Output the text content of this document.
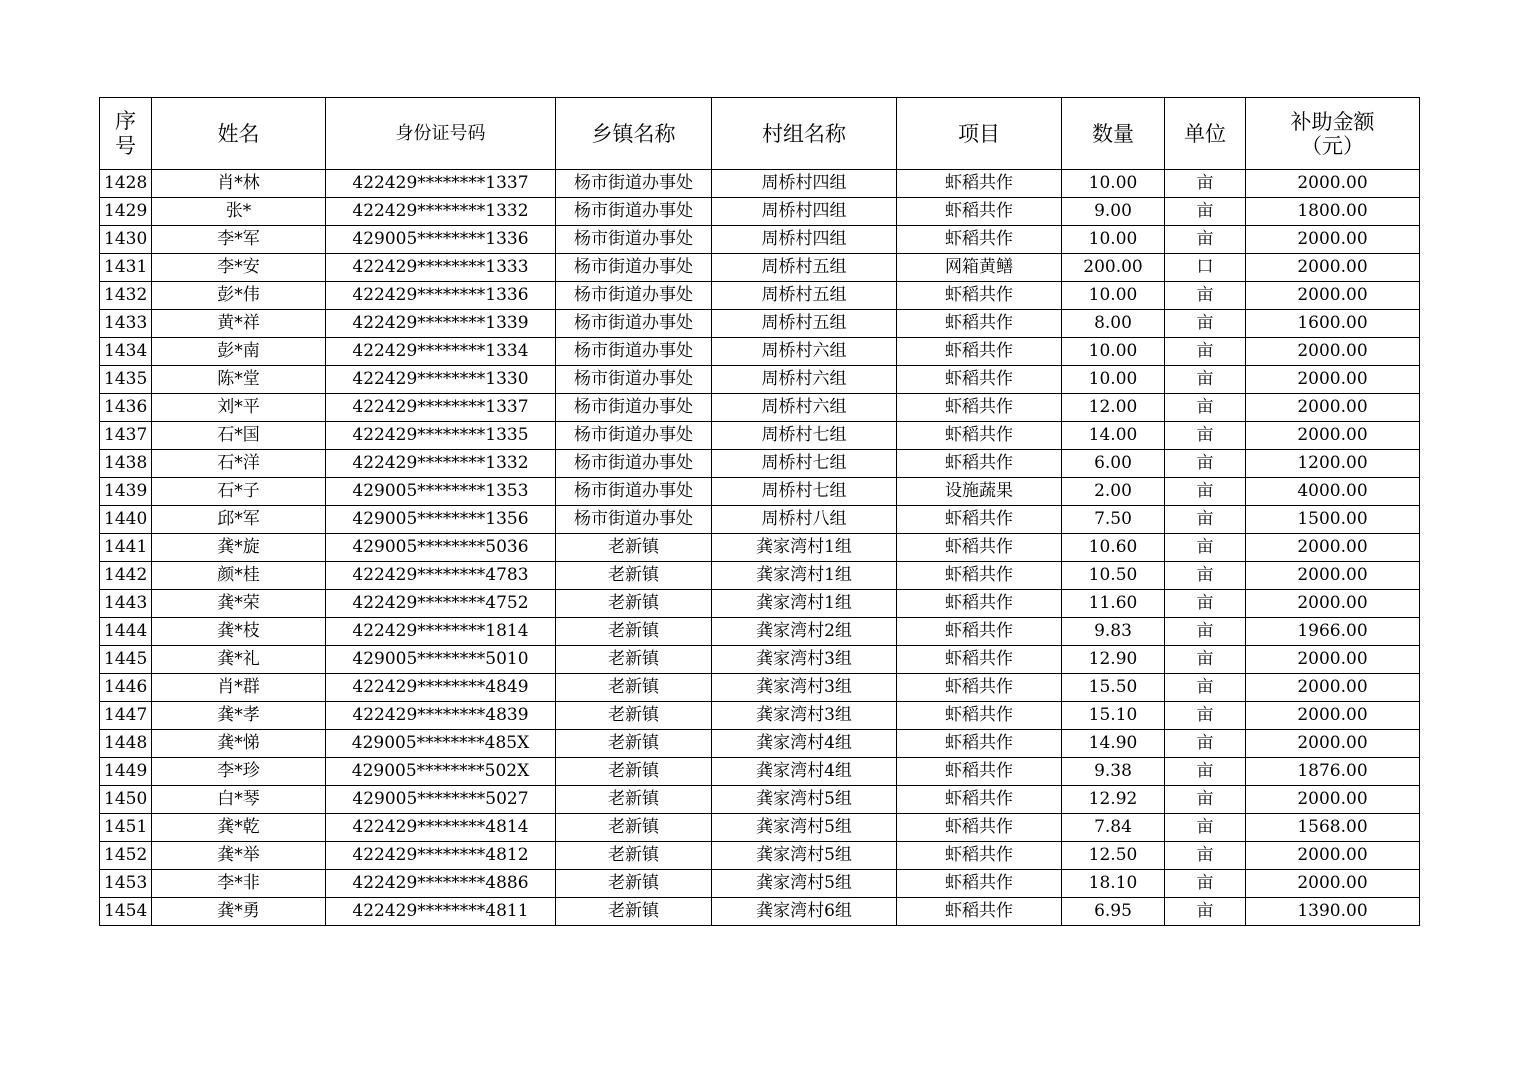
序
号	姓名	身份证号码	乡镇名称	村组名称	项目	数量	单位	补助金额
（元）

1428	肖*林	422429********1337	杨市街道办事处	周桥村四组	虾稻共作	10.00	亩	2000.00
1429	张*	422429********1332	杨市街道办事处	周桥村四组	虾稻共作	9.00	亩	1800.00
1430	李*军	429005********1336	杨市街道办事处	周桥村四组	虾稻共作	10.00	亩	2000.00
1431	李*安	422429********1333	杨市街道办事处	周桥村五组	网箱黄鳝	200.00	口	2000.00
1432	彭*伟	422429********1336	杨市街道办事处	周桥村五组	虾稻共作	10.00	亩	2000.00
1433	黄*祥	422429********1339	杨市街道办事处	周桥村五组	虾稻共作	8.00	亩	1600.00
1434	彭*南	422429********1334	杨市街道办事处	周桥村六组	虾稻共作	10.00	亩	2000.00
1435	陈*堂	422429********1330	杨市街道办事处	周桥村六组	虾稻共作	10.00	亩	2000.00
1436	刘*平	422429********1337	杨市街道办事处	周桥村六组	虾稻共作	12.00	亩	2000.00
1437	石*国	422429********1335	杨市街道办事处	周桥村七组	虾稻共作	14.00	亩	2000.00
1438	石*洋	422429********1332	杨市街道办事处	周桥村七组	虾稻共作	6.00	亩	1200.00
1439	石*子	429005********1353	杨市街道办事处	周桥村七组	设施蔬果	2.00	亩	4000.00
1440	邱*军	429005********1356	杨市街道办事处	周桥村八组	虾稻共作	7.50	亩	1500.00
1441	龚*旋	429005********5036	老新镇	龚家湾村1组	虾稻共作	10.60	亩	2000.00
1442	颜*桂	422429********4783	老新镇	龚家湾村1组	虾稻共作	10.50	亩	2000.00
1443	龚*荣	422429********4752	老新镇	龚家湾村1组	虾稻共作	11.60	亩	2000.00
1444	龚*枝	422429********1814	老新镇	龚家湾村2组	虾稻共作	9.83	亩	1966.00
1445	龚*礼	429005********5010	老新镇	龚家湾村3组	虾稻共作	12.90	亩	2000.00
1446	肖*群	422429********4849	老新镇	龚家湾村3组	虾稻共作	15.50	亩	2000.00
1447	龚*孝	422429********4839	老新镇	龚家湾村3组	虾稻共作	15.10	亩	2000.00
1448	龚*悌	429005********485X	老新镇	龚家湾村4组	虾稻共作	14.90	亩	2000.00
1449	李*珍	429005********502X	老新镇	龚家湾村4组	虾稻共作	9.38	亩	1876.00
1450	白*琴	429005********5027	老新镇	龚家湾村5组	虾稻共作	12.92	亩	2000.00
1451	龚*乾	422429********4814	老新镇	龚家湾村5组	虾稻共作	7.84	亩	1568.00
1452	龚*举	422429********4812	老新镇	龚家湾村5组	虾稻共作	12.50	亩	2000.00
1453	李*非	422429********4886	老新镇	龚家湾村5组	虾稻共作	18.10	亩	2000.00
1454	龚*勇	422429********4811	老新镇	龚家湾村6组	虾稻共作	6.95	亩	1390.00
